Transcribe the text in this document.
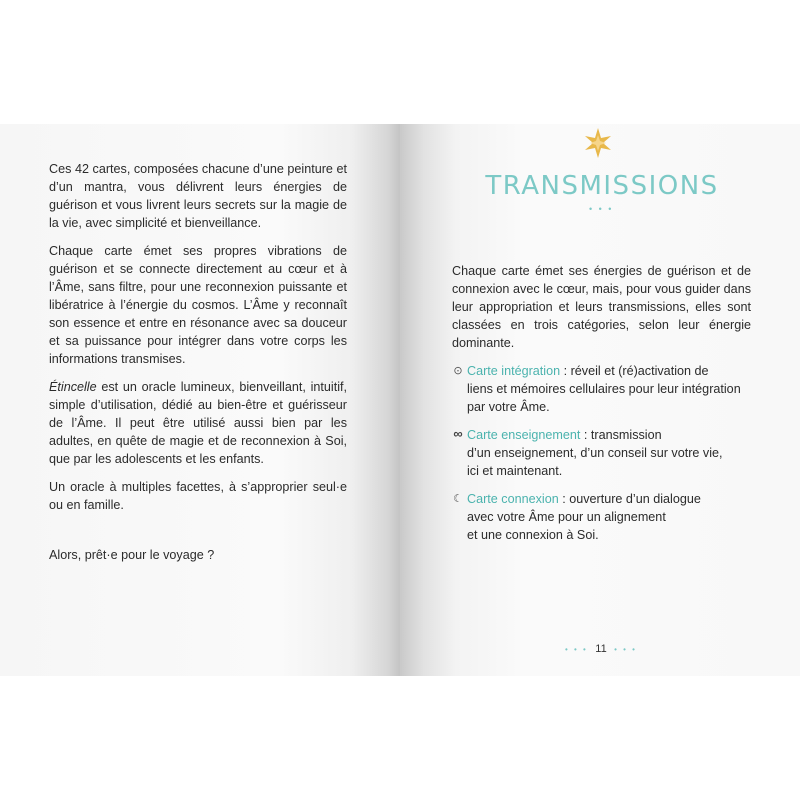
Ces 42 cartes, composées chacune d’une peinture et d’un mantra, vous délivrent leurs énergies de guérison et vous livrent leurs secrets sur la magie de la vie, avec simplicité et bienveillance.

Chaque carte émet ses propres vibrations de guérison et se connecte directement au cœur et à l’Âme, sans filtre, pour une reconnexion puissante et libératrice à l’énergie du cosmos. L’Âme y reconnaît son essence et entre en résonance avec sa douceur et sa puissance pour intégrer dans votre corps les informations transmises.

Étincelle est un oracle lumineux, bienveillant, intuitif, simple d’utilisation, dédié au bien-être et guérisseur de l’Âme. Il peut être utilisé aussi bien par les adultes, en quête de magie et de reconnexion à Soi, que par les adolescents et les enfants.

Un oracle à multiples facettes, à s’approprier seul·e ou en famille.

Alors, prêt·e pour le voyage ?

TRANSMISSIONS
• • •

Chaque carte émet ses énergies de guérison et de connexion avec le cœur, mais, pour vous guider dans leur appropriation et leurs transmissions, elles sont classées en trois catégories, selon leur énergie dominante.

⊙ Carte intégration : réveil et (ré)activation de
liens et mémoires cellulaires pour leur intégration
par votre Âme.
∞ Carte enseignement : transmission
d’un enseignement, d’un conseil sur votre vie,
ici et maintenant.
☾ Carte connexion : ouverture d’un dialogue
avec votre Âme pour un alignement
et une connexion à Soi.
• • • 11 • • •
